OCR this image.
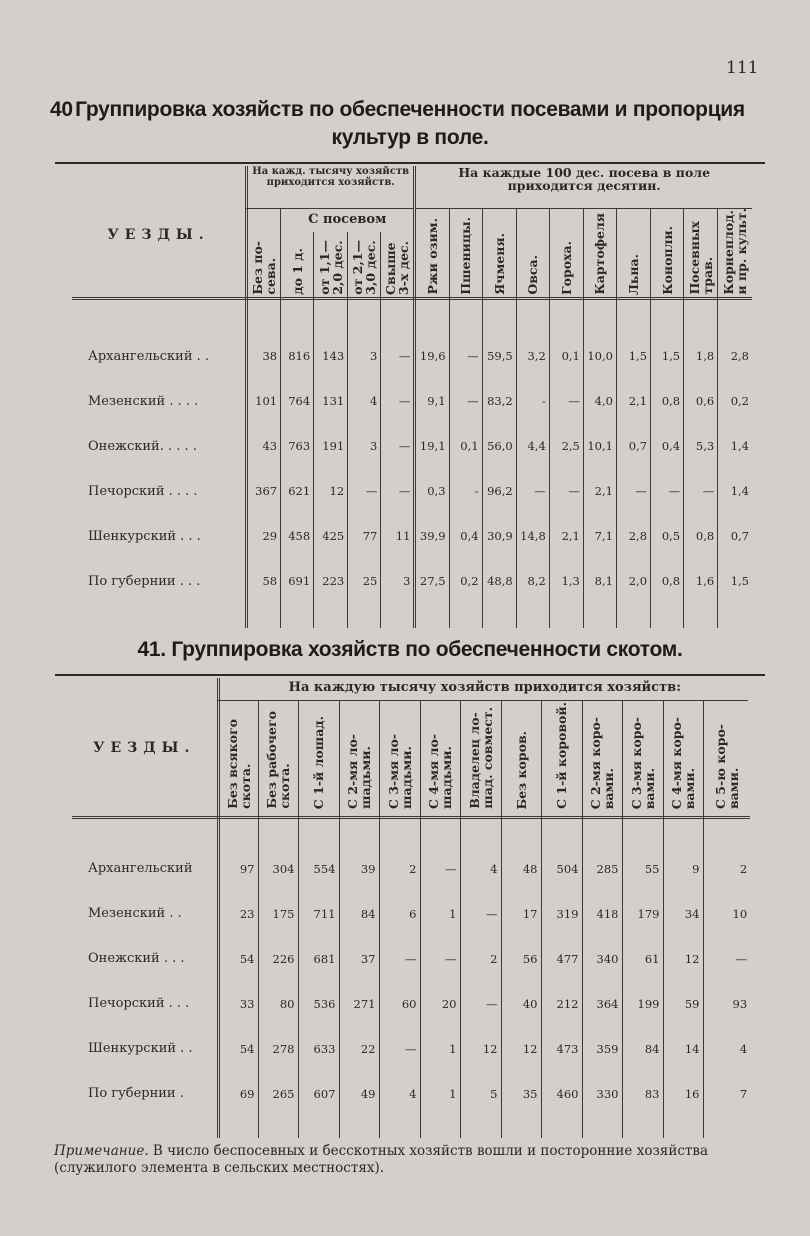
111
40 Группировка хозяйств по обеспеченности посевами и пропорция культур в поле.
УЕЗДЫ.	На кажд. тысячу хозяйств приходится хозяйств.					На каждые 100 дес. посева в поле приходится десятин.									
	Без по-
сева.	С посевом				Ржи озим.	Пшеницы.	Ячменя.	Овса.	Гороха.	Картофеля	Льна.	Конопли.	Посевных
трав.	Корнеплод.
и пр. культ.
		до 1 д.	от 1,1—
2,0 дес.	от 2,1—
3,0 дес.	Свыше
3-х дес.										

Архангельский . .	38	816	143	3	—	19,6	—	59,5	3,2	0,1	10,0	1,5	1,5	1,8	2,8
Мезенский . . . .	101	764	131	4	—	9,1	—	83,2	-	—	4,0	2,1	0,8	0,6	0,2
Онежский. . . . .	43	763	191	3	—	19,1	0,1	56,0	4,4	2,5	10,1	0,7	0,4	5,3	1,4
Печорский . . . .	367	621	12	—	—	0,3	-	96,2	—	—	2,1	—	—	—	1,4
Шенкурский . . .	29	458	425	77	11	39,9	0,4	30,9	14,8	2,1	7,1	2,8	0,5	0,8	0,7
По губернии . . .	58	691	223	25	3	27,5	0,2	48,8	8,2	1,3	8,1	2,0	0,8	1,6	1,5

41. Группировка хозяйств по обеспеченности скотом.
УЕЗДЫ.	На каждую тысячу хозяйств приходится хозяйств:												
	Без всякого
скота.	Без рабочего
скота.	С 1-й лошад.	С 2-мя ло-
шадьми.	С 3-мя ло-
шадьми.	С 4-мя ло-
шадьми.	Владелец ло-
шад. совмест.	Без коров.	С 1-й коровой.	С 2-мя коро-
вами.	С 3-мя коро-
вами.	С 4-мя коро-
вами.	С 5-ю коро-
вами.

Архангельский	97	304	554	39	2	—	4	48	504	285	55	9	2
Мезенский . .	23	175	711	84	6	1	—	17	319	418	179	34	10
Онежский . . .	54	226	681	37	—	—	2	56	477	340	61	12	—
Печорский . . .	33	80	536	271	60	20	—	40	212	364	199	59	93
Шенкурский . .	54	278	633	22	—	1	12	12	473	359	84	14	4
По губернии .	69	265	607	49	4	1	5	35	460	330	83	16	7

Примечание. В число беспосевных и бесскотных хозяйств вошли и посторонние хозяйства (служилого элемента в сельских местностях).
